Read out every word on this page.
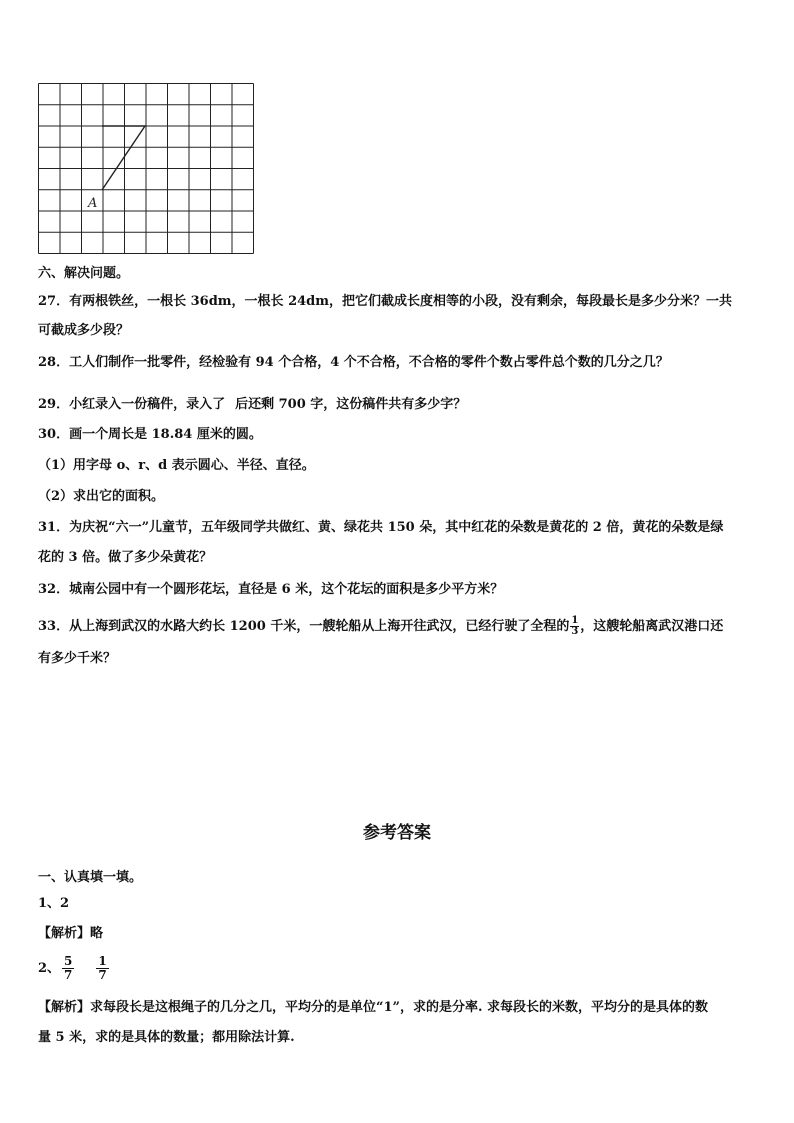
A
六、解决问题。
27．有两根铁丝，一根长 36dm，一根长 24dm，把它们截成长度相等的小段，没有剩余，每段最长是多少分米？一共
可截成多少段？
28．工人们制作一批零件，经检验有 94 个合格，4 个不合格，不合格的零件个数占零件总个数的几分之几？
29．小红录入一份稿件，录入了 后还剩 700 字，这份稿件共有多少字？
30．画一个周长是 18.84 厘米的圆。
（1）用字母 o、r、d 表示圆心、半径、直径。
（2）求出它的面积。
31．为庆祝“六一”儿童节，五年级同学共做红、黄、绿花共 150 朵，其中红花的朵数是黄花的 2 倍，黄花的朵数是绿
花的 3 倍。做了多少朵黄花？
32．城南公园中有一个圆形花坛，直径是 6 米，这个花坛的面积是多少平方米？
33．从上海到武汉的水路大约长 1200 千米，一艘轮船从上海开往武汉，已经行驶了全程的 $\frac{1}{3}$ ，这艘轮船离武汉港口还
有多少千米？
参考答案
一、认真填一填。
1、2
【解析】略
2、 $\frac{5}{7} \frac{1}{7}$
【解析】求每段长是这根绳子的几分之几，平均分的是单位“1”，求的是分率. 求每段长的米数，平均分的是具体的数
量 5 米，求的是具体的数量；都用除法计算.
